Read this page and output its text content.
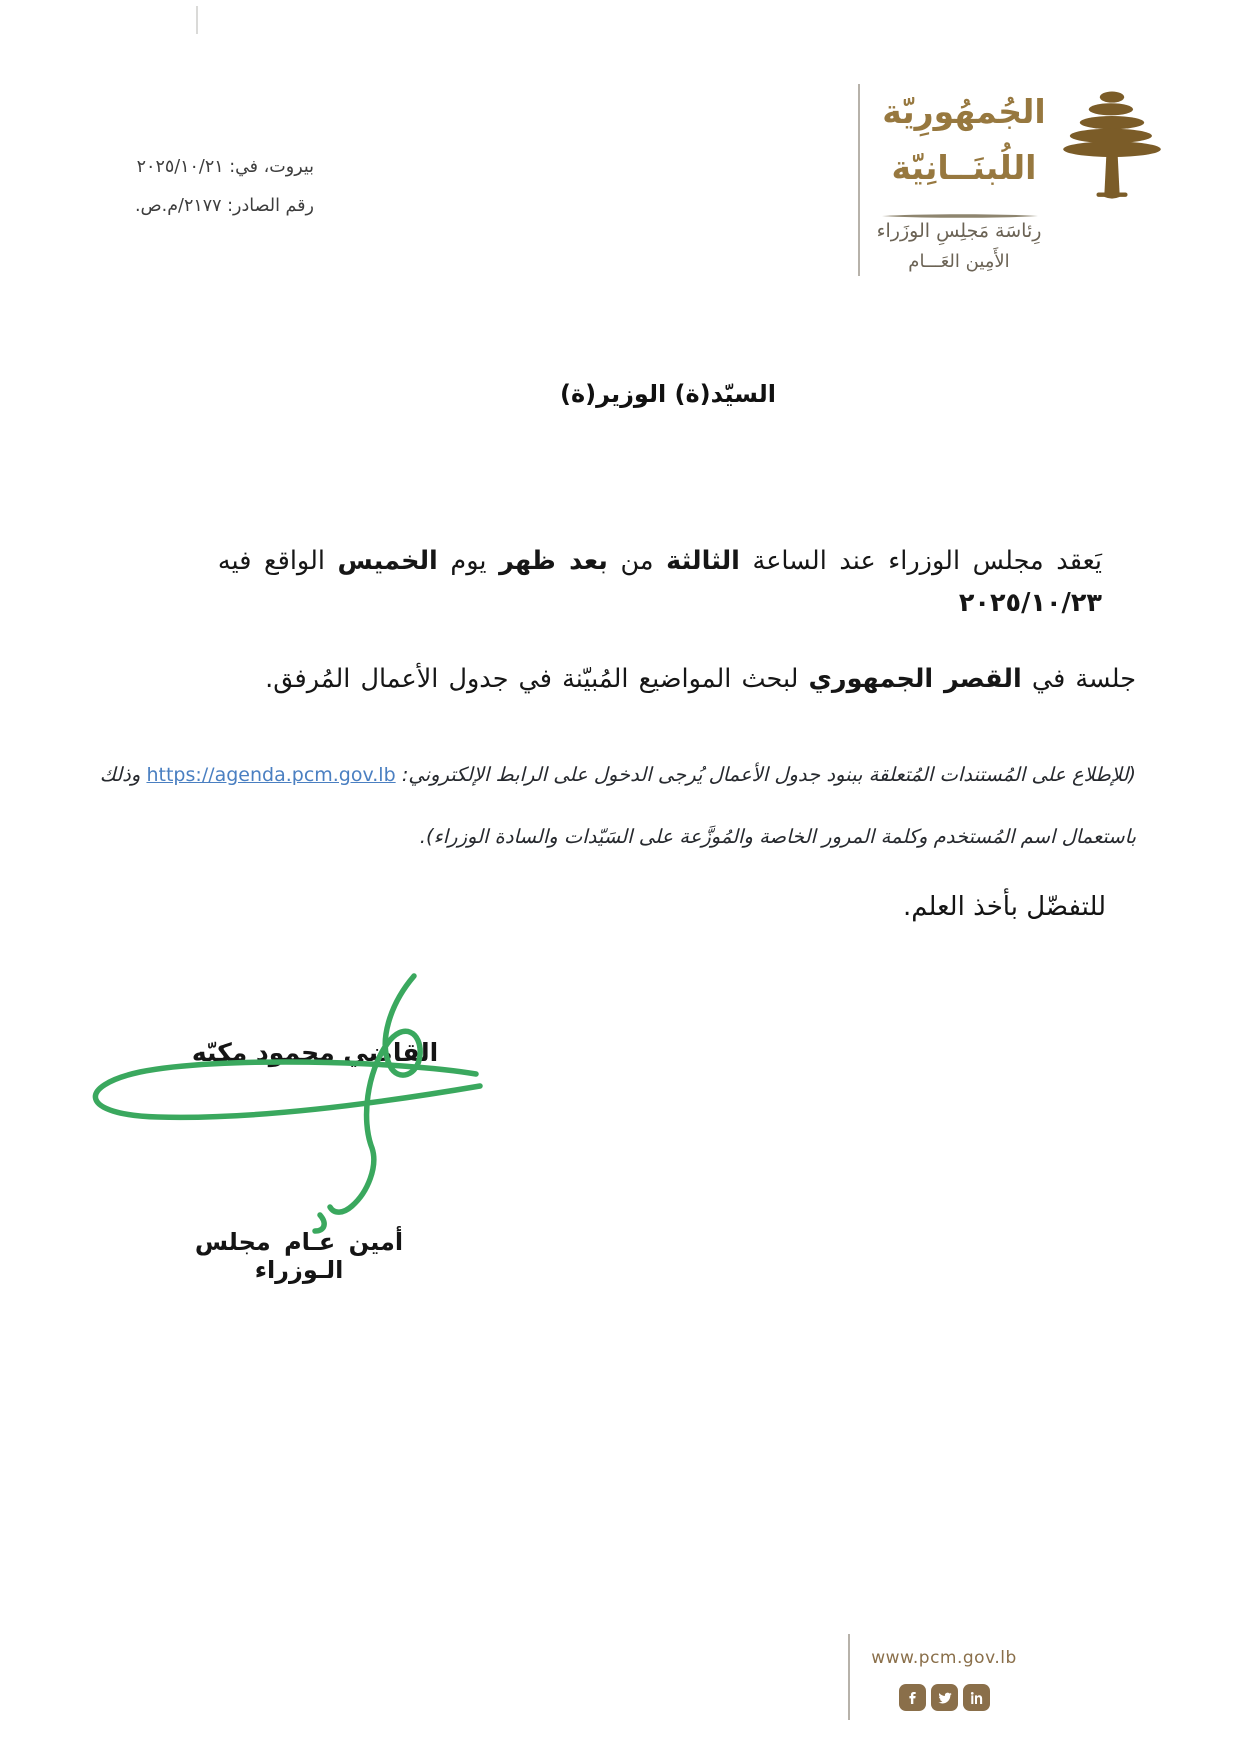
الجُمهُورِيّة
اللُبنَــانِيّة
رِئاسَة مَجلِسِ الوزَراء
الأَمِين العَـــام
بيروت، في: ٢٠٢٥/١٠/٢١
رقم الصادر: ٢١٧٧/م.ص.
السيّد(ة) الوزير(ة)
يَعقد مجلس الوزراء عند الساعة الثالثة من بعد ظهر يوم الخميس الواقع فيه ٢٠٢٥/١٠/٢٣
جلسة في القصر الجمهوري لبحث المواضيع المُبيّنة في جدول الأعمال المُرفق.
(للإطلاع على المُستندات المُتعلقة ببنود جدول الأعمال يُرجى الدخول على الرابط الإلكتروني: https://agenda.pcm.gov.lb وذلك
باستعمال اسم المُستخدم وكلمة المرور الخاصة والمُوزَّعة على السَيّدات والسادة الوزراء).
للتفضّل بأخذ العلم.
القاضي محمود مكيّه
أمين عـام مجلس الـوزراء
www.pcm.gov.lb
